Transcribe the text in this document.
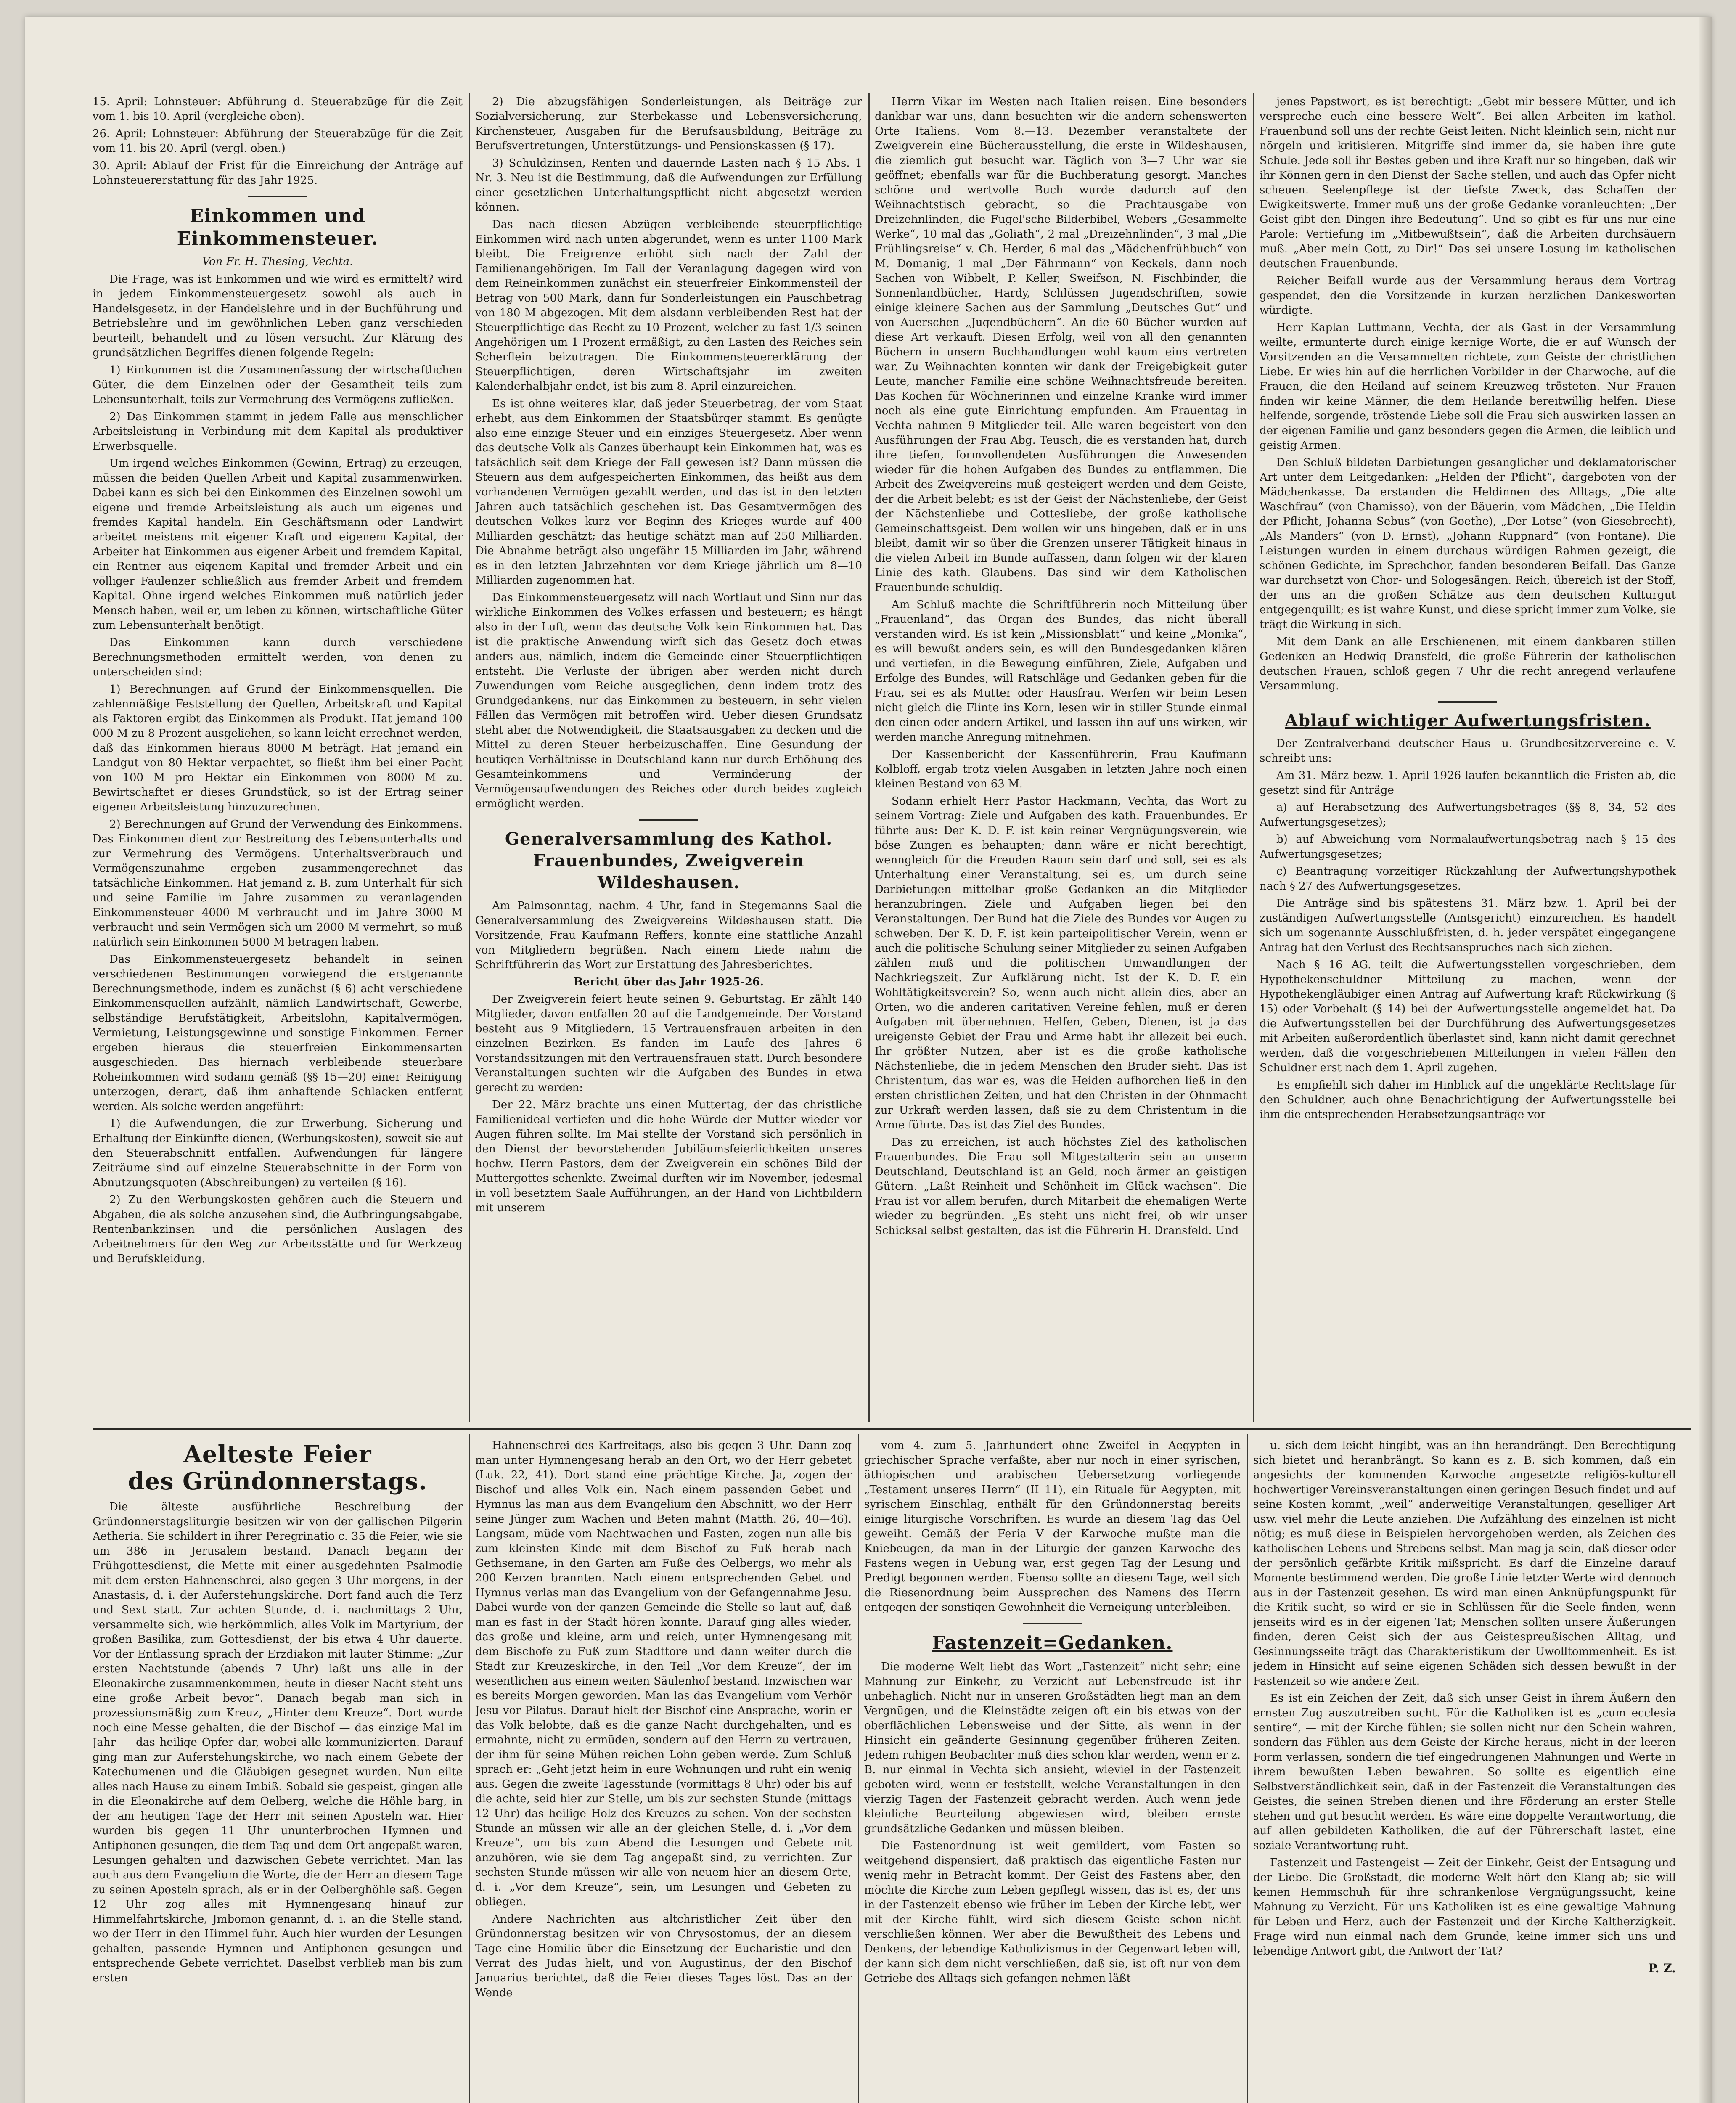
15. April: Lohnsteuer: Abführung d. Steuerabzüge für die Zeit vom 1. bis 10. April (vergleiche oben).

26. April: Lohnsteuer: Abführung der Steuerabzüge für die Zeit vom 11. bis 20. April (vergl. oben.)

30. April: Ablauf der Frist für die Einreichung der Anträge auf Lohnsteuererstattung für das Jahr 1925.

Einkommen und Einkommensteuer.
Von Fr. H. Thesing, Vechta.

Die Frage, was ist Einkommen und wie wird es ermittelt? wird in jedem Einkommensteuergesetz sowohl als auch in Handelsgesetz, in der Handelslehre und in der Buchführung und Betriebslehre und im gewöhnlichen Leben ganz verschieden beurteilt, behandelt und zu lösen versucht. Zur Klärung des grundsätzlichen Begriffes dienen folgende Regeln:

1) Einkommen ist die Zusammenfassung der wirtschaftlichen Güter, die dem Einzelnen oder der Gesamtheit teils zum Lebensunterhalt, teils zur Vermehrung des Vermögens zufließen.

2) Das Einkommen stammt in jedem Falle aus menschlicher Arbeitsleistung in Verbindung mit dem Kapital als produktiver Erwerbsquelle.

Um irgend welches Einkommen (Gewinn, Ertrag) zu erzeugen, müssen die beiden Quellen Arbeit und Kapital zusammenwirken. Dabei kann es sich bei den Einkommen des Einzelnen sowohl um eigene und fremde Arbeitsleistung als auch um eigenes und fremdes Kapital handeln. Ein Geschäftsmann oder Landwirt arbeitet meistens mit eigener Kraft und eigenem Kapital, der Arbeiter hat Einkommen aus eigener Arbeit und fremdem Kapital, ein Rentner aus eigenem Kapital und fremder Arbeit und ein völliger Faulenzer schließlich aus fremder Arbeit und fremdem Kapital. Ohne irgend welches Einkommen muß natürlich jeder Mensch haben, weil er, um leben zu können, wirtschaftliche Güter zum Lebensunterhalt benötigt.

Das Einkommen kann durch verschiedene Berechnungsmethoden ermittelt werden, von denen zu unterscheiden sind:

1) Berechnungen auf Grund der Einkommensquellen. Die zahlenmäßige Feststellung der Quellen, Arbeitskraft und Kapital als Faktoren ergibt das Einkommen als Produkt. Hat jemand 100 000 M zu 8 Prozent ausgeliehen, so kann leicht errechnet werden, daß das Einkommen hieraus 8000 M beträgt. Hat jemand ein Landgut von 80 Hektar verpachtet, so fließt ihm bei einer Pacht von 100 M pro Hektar ein Einkommen von 8000 M zu. Bewirtschaftet er dieses Grundstück, so ist der Ertrag seiner eigenen Arbeitsleistung hinzuzurechnen.

2) Berechnungen auf Grund der Verwendung des Einkommens. Das Einkommen dient zur Bestreitung des Lebensunterhalts und zur Vermehrung des Vermögens. Unterhaltsverbrauch und Vermögenszunahme ergeben zusammengerechnet das tatsächliche Einkommen. Hat jemand z. B. zum Unterhalt für sich und seine Familie im Jahre zusammen zu veranlagenden Einkommensteuer 4000 M verbraucht und im Jahre 3000 M verbraucht und sein Vermögen sich um 2000 M vermehrt, so muß natürlich sein Einkommen 5000 M betragen haben.

Das Einkommensteuergesetz behandelt in seinen verschiedenen Bestimmungen vorwiegend die erstgenannte Berechnungsmethode, indem es zunächst (§ 6) acht verschiedene Einkommensquellen aufzählt, nämlich Landwirtschaft, Gewerbe, selbständige Berufstätigkeit, Arbeitslohn, Kapitalvermögen, Vermietung, Leistungsgewinne und sonstige Einkommen. Ferner ergeben hieraus die steuerfreien Einkommensarten ausgeschieden. Das hiernach verbleibende steuerbare Roheinkommen wird sodann gemäß (§§ 15—20) einer Reinigung unterzogen, derart, daß ihm anhaftende Schlacken entfernt werden. Als solche werden angeführt:

1) die Aufwendungen, die zur Erwerbung, Sicherung und Erhaltung der Einkünfte dienen, (Werbungskosten), soweit sie auf den Steuerabschnitt entfallen. Aufwendungen für längere Zeiträume sind auf einzelne Steuerabschnitte in der Form von Abnutzungsquoten (Abschreibungen) zu verteilen (§ 16).

2) Zu den Werbungskosten gehören auch die Steuern und Abgaben, die als solche anzusehen sind, die Aufbringungsabgabe, Rentenbankzinsen und die persönlichen Auslagen des Arbeitnehmers für den Weg zur Arbeitsstätte und für Werkzeug und Berufskleidung.

2) Die abzugsfähigen Sonderleistungen, als Beiträge zur Sozialversicherung, zur Sterbekasse und Lebensversicherung, Kirchensteuer, Ausgaben für die Berufsausbildung, Beiträge zu Berufsvertretungen, Unterstützungs- und Pensionskassen (§ 17).

3) Schuldzinsen, Renten und dauernde Lasten nach § 15 Abs. 1 Nr. 3. Neu ist die Bestimmung, daß die Aufwendungen zur Erfüllung einer gesetzlichen Unterhaltungspflicht nicht abgesetzt werden können.

Das nach diesen Abzügen verbleibende steuerpflichtige Einkommen wird nach unten abgerundet, wenn es unter 1100 Mark bleibt. Die Freigrenze erhöht sich nach der Zahl der Familienangehörigen. Im Fall der Veranlagung dagegen wird von dem Reineinkommen zunächst ein steuerfreier Einkommensteil der Betrag von 500 Mark, dann für Sonderleistungen ein Pauschbetrag von 180 M abgezogen. Mit dem alsdann verbleibenden Rest hat der Steuerpflichtige das Recht zu 10 Prozent, welcher zu fast 1/3 seinen Angehörigen um 1 Prozent ermäßigt, zu den Lasten des Reiches sein Scherflein beizutragen. Die Einkommensteuererklärung der Steuerpflichtigen, deren Wirtschaftsjahr im zweiten Kalenderhalbjahr endet, ist bis zum 8. April einzureichen.

Es ist ohne weiteres klar, daß jeder Steuerbetrag, der vom Staat erhebt, aus dem Einkommen der Staatsbürger stammt. Es genügte also eine einzige Steuer und ein einziges Steuergesetz. Aber wenn das deutsche Volk als Ganzes überhaupt kein Einkommen hat, was es tatsächlich seit dem Kriege der Fall gewesen ist? Dann müssen die Steuern aus dem aufgespeicherten Einkommen, das heißt aus dem vorhandenen Vermögen gezahlt werden, und das ist in den letzten Jahren auch tatsächlich geschehen ist. Das Gesamtvermögen des deutschen Volkes kurz vor Beginn des Krieges wurde auf 400 Milliarden geschätzt; das heutige schätzt man auf 250 Milliarden. Die Abnahme beträgt also ungefähr 15 Milliarden im Jahr, während es in den letzten Jahrzehnten vor dem Kriege jährlich um 8—10 Milliarden zugenommen hat.

Das Einkommensteuergesetz will nach Wortlaut und Sinn nur das wirkliche Einkommen des Volkes erfassen und besteuern; es hängt also in der Luft, wenn das deutsche Volk kein Einkommen hat. Das ist die praktische Anwendung wirft sich das Gesetz doch etwas anders aus, nämlich, indem die Gemeinde einer Steuerpflichtigen entsteht. Die Verluste der übrigen aber werden nicht durch Zuwendungen vom Reiche ausgeglichen, denn indem trotz des Grundgedankens, nur das Einkommen zu besteuern, in sehr vielen Fällen das Vermögen mit betroffen wird. Ueber diesen Grundsatz steht aber die Notwendigkeit, die Staatsausgaben zu decken und die Mittel zu deren Steuer herbeizuschaffen. Eine Gesundung der heutigen Verhältnisse in Deutschland kann nur durch Erhöhung des Gesamteinkommens und Verminderung der Vermögensaufwendungen des Reiches oder durch beides zugleich ermöglicht werden.

Generalversammlung des Kathol. Frauenbundes, Zweigverein Wildeshausen.

Am Palmsonntag, nachm. 4 Uhr, fand in Stegemanns Saal die Generalversammlung des Zweigvereins Wildeshausen statt. Die Vorsitzende, Frau Kaufmann Reffers, konnte eine stattliche Anzahl von Mitgliedern begrüßen. Nach einem Liede nahm die Schriftführerin das Wort zur Erstattung des Jahresberichtes.

Bericht über das Jahr 1925-26.

Der Zweigverein feiert heute seinen 9. Geburtstag. Er zählt 140 Mitglieder, davon entfallen 20 auf die Landgemeinde. Der Vorstand besteht aus 9 Mitgliedern, 15 Vertrauensfrauen arbeiten in den einzelnen Bezirken. Es fanden im Laufe des Jahres 6 Vorstandssitzungen mit den Vertrauensfrauen statt. Durch besondere Veranstaltungen suchten wir die Aufgaben des Bundes in etwa gerecht zu werden:

Der 22. März brachte uns einen Muttertag, der das christliche Familienideal vertiefen und die hohe Würde der Mutter wieder vor Augen führen sollte. Im Mai stellte der Vorstand sich persönlich in den Dienst der bevorstehenden Jubiläumsfeierlichkeiten unseres hochw. Herrn Pastors, dem der Zweigverein ein schönes Bild der Muttergottes schenkte. Zweimal durften wir im November, jedesmal in voll besetztem Saale Aufführungen, an der Hand von Lichtbildern mit unserem

Herrn Vikar im Westen nach Italien reisen. Eine besonders dankbar war uns, dann besuchten wir die andern sehenswerten Orte Italiens. Vom 8.—13. Dezember veranstaltete der Zweigverein eine Bücherausstellung, die erste in Wildeshausen, die ziemlich gut besucht war. Täglich von 3—7 Uhr war sie geöffnet; ebenfalls war für die Buchberatung gesorgt. Manches schöne und wertvolle Buch wurde dadurch auf den Weihnachtstisch gebracht, so die Prachtausgabe von Dreizehnlinden, die Fugel'sche Bilderbibel, Webers „Gesammelte Werke“, 10 mal das „Goliath“, 2 mal „Dreizehnlinden“, 3 mal „Die Frühlingsreise“ v. Ch. Herder, 6 mal das „Mädchenfrühbuch“ von M. Domanig, 1 mal „Der Fährmann“ von Keckels, dann noch Sachen von Wibbelt, P. Keller, Sweifson, N. Fischbinder, die Sonnenlandbücher, Hardy, Schlüssen Jugendschriften, sowie einige kleinere Sachen aus der Sammlung „Deutsches Gut“ und von Auerschen „Jugendbüchern“. An die 60 Bücher wurden auf diese Art verkauft. Diesen Erfolg, weil von all den genannten Büchern in unsern Buchhandlungen wohl kaum eins vertreten war. Zu Weihnachten konnten wir dank der Freigebigkeit guter Leute, mancher Familie eine schöne Weihnachtsfreude bereiten. Das Kochen für Wöchnerinnen und einzelne Kranke wird immer noch als eine gute Einrichtung empfunden. Am Frauentag in Vechta nahmen 9 Mitglieder teil. Alle waren begeistert von den Ausführungen der Frau Abg. Teusch, die es verstanden hat, durch ihre tiefen, formvollendeten Ausführungen die Anwesenden wieder für die hohen Aufgaben des Bundes zu entflammen. Die Arbeit des Zweigvereins muß gesteigert werden und dem Geiste, der die Arbeit belebt; es ist der Geist der Nächstenliebe, der Geist der Nächstenliebe und Gottesliebe, der große katholische Gemeinschaftsgeist. Dem wollen wir uns hingeben, daß er in uns bleibt, damit wir so über die Grenzen unserer Tätigkeit hinaus in die vielen Arbeit im Bunde auffassen, dann folgen wir der klaren Linie des kath. Glaubens. Das sind wir dem Katholischen Frauenbunde schuldig.

Am Schluß machte die Schriftführerin noch Mitteilung über „Frauenland“, das Organ des Bundes, das nicht überall verstanden wird. Es ist kein „Missionsblatt“ und keine „Monika“, es will bewußt anders sein, es will den Bundesgedanken klären und vertiefen, in die Bewegung einführen, Ziele, Aufgaben und Erfolge des Bundes, will Ratschläge und Gedanken geben für die Frau, sei es als Mutter oder Hausfrau. Werfen wir beim Lesen nicht gleich die Flinte ins Korn, lesen wir in stiller Stunde einmal den einen oder andern Artikel, und lassen ihn auf uns wirken, wir werden manche Anregung mitnehmen.

Der Kassenbericht der Kassenführerin, Frau Kaufmann Kolbloff, ergab trotz vielen Ausgaben in letzten Jahre noch einen kleinen Bestand von 63 M.

Sodann erhielt Herr Pastor Hackmann, Vechta, das Wort zu seinem Vortrag: Ziele und Aufgaben des kath. Frauenbundes. Er führte aus: Der K. D. F. ist kein reiner Vergnügungsverein, wie böse Zungen es behaupten; dann wäre er nicht berechtigt, wenngleich für die Freuden Raum sein darf und soll, sei es als Unterhaltung einer Veranstaltung, sei es, um durch seine Darbietungen mittelbar große Gedanken an die Mitglieder heranzubringen. Ziele und Aufgaben liegen bei den Veranstaltungen. Der Bund hat die Ziele des Bundes vor Augen zu schweben. Der K. D. F. ist kein parteipolitischer Verein, wenn er auch die politische Schulung seiner Mitglieder zu seinen Aufgaben zählen muß und die politischen Umwandlungen der Nachkriegszeit. Zur Aufklärung nicht. Ist der K. D. F. ein Wohltätigkeitsverein? So, wenn auch nicht allein dies, aber an Orten, wo die anderen caritativen Vereine fehlen, muß er deren Aufgaben mit übernehmen. Helfen, Geben, Dienen, ist ja das ureigenste Gebiet der Frau und Arme habt ihr allezeit bei euch. Ihr größter Nutzen, aber ist es die große katholische Nächstenliebe, die in jedem Menschen den Bruder sieht. Das ist Christentum, das war es, was die Heiden aufhorchen ließ in den ersten christlichen Zeiten, und hat den Christen in der Ohnmacht zur Urkraft werden lassen, daß sie zu dem Christentum in die Arme führte. Das ist das Ziel des Bundes.

Das zu erreichen, ist auch höchstes Ziel des katholischen Frauenbundes. Die Frau soll Mitgestalterin sein an unserm Deutschland, Deutschland ist an Geld, noch ärmer an geistigen Gütern. „Laßt Reinheit und Schönheit im Glück wachsen“. Die Frau ist vor allem berufen, durch Mitarbeit die ehemaligen Werte wieder zu begründen. „Es steht uns nicht frei, ob wir unser Schicksal selbst gestalten, das ist die Führerin H. Dransfeld. Und

jenes Papstwort, es ist berechtigt: „Gebt mir bessere Mütter, und ich verspreche euch eine bessere Welt“. Bei allen Arbeiten im kathol. Frauenbund soll uns der rechte Geist leiten. Nicht kleinlich sein, nicht nur nörgeln und kritisieren. Mitgriffe sind immer da, sie haben ihre gute Schule. Jede soll ihr Bestes geben und ihre Kraft nur so hingeben, daß wir ihr Können gern in den Dienst der Sache stellen, und auch das Opfer nicht scheuen. Seelenpflege ist der tiefste Zweck, das Schaffen der Ewigkeitswerte. Immer muß uns der große Gedanke voranleuchten: „Der Geist gibt den Dingen ihre Bedeutung“. Und so gibt es für uns nur eine Parole: Vertiefung im „Mitbewußtsein“, daß die Arbeiten durchsäuern muß. „Aber mein Gott, zu Dir!“ Das sei unsere Losung im katholischen deutschen Frauenbunde.

Reicher Beifall wurde aus der Versammlung heraus dem Vortrag gespendet, den die Vorsitzende in kurzen herzlichen Dankesworten würdigte.

Herr Kaplan Luttmann, Vechta, der als Gast in der Versammlung weilte, ermunterte durch einige kernige Worte, die er auf Wunsch der Vorsitzenden an die Versammelten richtete, zum Geiste der christlichen Liebe. Er wies hin auf die herrlichen Vorbilder in der Charwoche, auf die Frauen, die den Heiland auf seinem Kreuzweg trösteten. Nur Frauen finden wir keine Männer, die dem Heilande bereitwillig helfen. Diese helfende, sorgende, tröstende Liebe soll die Frau sich auswirken lassen an der eigenen Familie und ganz besonders gegen die Armen, die leiblich und geistig Armen.

Den Schluß bildeten Darbietungen gesanglicher und deklamatorischer Art unter dem Leitgedanken: „Helden der Pflicht“, dargeboten von der Mädchenkasse. Da erstanden die Heldinnen des Alltags, „Die alte Waschfrau“ (von Chamisso), von der Bäuerin, vom Mädchen, „Die Heldin der Pflicht, Johanna Sebus“ (von Goethe), „Der Lotse“ (von Giesebrecht), „Als Manders“ (von D. Ernst), „Johann Ruppnard“ (von Fontane). Die Leistungen wurden in einem durchaus würdigen Rahmen gezeigt, die schönen Gedichte, im Sprechchor, fanden besonderen Beifall. Das Ganze war durchsetzt von Chor- und Sologesängen. Reich, übereich ist der Stoff, der uns an die großen Schätze aus dem deutschen Kulturgut entgegenquillt; es ist wahre Kunst, und diese spricht immer zum Volke, sie trägt die Wirkung in sich.

Mit dem Dank an alle Erschienenen, mit einem dankbaren stillen Gedenken an Hedwig Dransfeld, die große Führerin der katholischen deutschen Frauen, schloß gegen 7 Uhr die recht anregend verlaufene Versammlung.

Ablauf wichtiger Aufwertungsfristen.

Der Zentralverband deutscher Haus- u. Grundbesitzervereine e. V. schreibt uns:

Am 31. März bezw. 1. April 1926 laufen bekanntlich die Fristen ab, die gesetzt sind für Anträge

a) auf Herabsetzung des Aufwertungsbetrages (§§ 8, 34, 52 des Aufwertungsgesetzes);

b) auf Abweichung vom Normalaufwertungsbetrag nach § 15 des Aufwertungsgesetzes;

c) Beantragung vorzeitiger Rückzahlung der Aufwertungshypothek nach § 27 des Aufwertungsgesetzes.

Die Anträge sind bis spätestens 31. März bzw. 1. April bei der zuständigen Aufwertungsstelle (Amtsgericht) einzureichen. Es handelt sich um sogenannte Ausschlußfristen, d. h. jeder verspätet eingegangene Antrag hat den Verlust des Rechtsanspruches nach sich ziehen.

Nach § 16 AG. teilt die Aufwertungsstellen vorgeschrieben, dem Hypothekenschuldner Mitteilung zu machen, wenn der Hypothekengläubiger einen Antrag auf Aufwertung kraft Rückwirkung (§ 15) oder Vorbehalt (§ 14) bei der Aufwertungsstelle angemeldet hat. Da die Aufwertungsstellen bei der Durchführung des Aufwertungsgesetzes mit Arbeiten außerordentlich überlastet sind, kann nicht damit gerechnet werden, daß die vorgeschriebenen Mitteilungen in vielen Fällen den Schuldner erst nach dem 1. April zugehen.

Es empfiehlt sich daher im Hinblick auf die ungeklärte Rechtslage für den Schuldner, auch ohne Benachrichtigung der Aufwertungsstelle bei ihm die entsprechenden Herabsetzungsanträge vor

Aelteste Feier
des Gründonnerstags.

Die älteste ausführliche Beschreibung der Gründonnerstagsliturgie besitzen wir von der gallischen Pilgerin Aetheria. Sie schildert in ihrer Peregrinatio c. 35 die Feier, wie sie um 386 in Jerusalem bestand. Danach begann der Frühgottesdienst, die Mette mit einer ausgedehnten Psalmodie mit dem ersten Hahnenschrei, also gegen 3 Uhr morgens, in der Anastasis, d. i. der Auferstehungskirche. Dort fand auch die Terz und Sext statt. Zur achten Stunde, d. i. nachmittags 2 Uhr, versammelte sich, wie herkömmlich, alles Volk im Martyrium, der großen Basilika, zum Gottesdienst, der bis etwa 4 Uhr dauerte. Vor der Entlassung sprach der Erzdiakon mit lauter Stimme: „Zur ersten Nachtstunde (abends 7 Uhr) laßt uns alle in der Eleonakirche zusammenkommen, heute in dieser Nacht steht uns eine große Arbeit bevor“. Danach begab man sich in prozessionsmäßig zum Kreuz, „Hinter dem Kreuze“. Dort wurde noch eine Messe gehalten, die der Bischof — das einzige Mal im Jahr — das heilige Opfer dar, wobei alle kommunizierten. Darauf ging man zur Auferstehungskirche, wo nach einem Gebete der Katechumenen und die Gläubigen gesegnet wurden. Nun eilte alles nach Hause zu einem Imbiß. Sobald sie gespeist, gingen alle in die Eleonakirche auf dem Oelberg, welche die Höhle barg, in der am heutigen Tage der Herr mit seinen Aposteln war. Hier wurden bis gegen 11 Uhr ununterbrochen Hymnen und Antiphonen gesungen, die dem Tag und dem Ort angepaßt waren, Lesungen gehalten und dazwischen Gebete verrichtet. Man las auch aus dem Evangelium die Worte, die der Herr an diesem Tage zu seinen Aposteln sprach, als er in der Oelberghöhle saß. Gegen 12 Uhr zog alles mit Hymnengesang hinauf zur Himmelfahrtskirche, Jmbomon genannt, d. i. an die Stelle stand, wo der Herr in den Himmel fuhr. Auch hier wurden der Lesungen gehalten, passende Hymnen und Antiphonen gesungen und entsprechende Gebete verrichtet. Daselbst verblieb man bis zum ersten

Hahnenschrei des Karfreitags, also bis gegen 3 Uhr. Dann zog man unter Hymnengesang herab an den Ort, wo der Herr gebetet (Luk. 22, 41). Dort stand eine prächtige Kirche. Ja, zogen der Bischof und alles Volk ein. Nach einem passenden Gebet und Hymnus las man aus dem Evangelium den Abschnitt, wo der Herr seine Jünger zum Wachen und Beten mahnt (Matth. 26, 40—46). Langsam, müde vom Nachtwachen und Fasten, zogen nun alle bis zum kleinsten Kinde mit dem Bischof zu Fuß herab nach Gethsemane, in den Garten am Fuße des Oelbergs, wo mehr als 200 Kerzen brannten. Nach einem entsprechenden Gebet und Hymnus verlas man das Evangelium von der Gefangennahme Jesu. Dabei wurde von der ganzen Gemeinde die Stelle so laut auf, daß man es fast in der Stadt hören konnte. Darauf ging alles wieder, das große und kleine, arm und reich, unter Hymnengesang mit dem Bischofe zu Fuß zum Stadttore und dann weiter durch die Stadt zur Kreuzeskirche, in den Teil „Vor dem Kreuze“, der im wesentlichen aus einem weiten Säulenhof bestand. Inzwischen war es bereits Morgen geworden. Man las das Evangelium vom Verhör Jesu vor Pilatus. Darauf hielt der Bischof eine Ansprache, worin er das Volk belobte, daß es die ganze Nacht durchgehalten, und es ermahnte, nicht zu ermüden, sondern auf den Herrn zu vertrauen, der ihm für seine Mühen reichen Lohn geben werde. Zum Schluß sprach er: „Geht jetzt heim in eure Wohnungen und ruht ein wenig aus. Gegen die zweite Tagesstunde (vormittags 8 Uhr) oder bis auf die achte, seid hier zur Stelle, um bis zur sechsten Stunde (mittags 12 Uhr) das heilige Holz des Kreuzes zu sehen. Von der sechsten Stunde an müssen wir alle an der gleichen Stelle, d. i. „Vor dem Kreuze“, um bis zum Abend die Lesungen und Gebete mit anzuhören, wie sie dem Tag angepaßt sind, zu verrichten. Zur sechsten Stunde müssen wir alle von neuem hier an diesem Orte, d. i. „Vor dem Kreuze“, sein, um Lesungen und Gebeten zu obliegen.

Andere Nachrichten aus altchristlicher Zeit über den Gründonnerstag besitzen wir von Chrysostomus, der an diesem Tage eine Homilie über die Einsetzung der Eucharistie und den Verrat des Judas hielt, und von Augustinus, der den Bischof Januarius berichtet, daß die Feier dieses Tages löst. Das an der Wende

vom 4. zum 5. Jahrhundert ohne Zweifel in Aegypten in griechischer Sprache verfaßte, aber nur noch in einer syrischen, äthiopischen und arabischen Uebersetzung vorliegende „Testament unseres Herrn“ (II 11), ein Rituale für Aegypten, mit syrischem Einschlag, enthält für den Gründonnerstag bereits einige liturgische Vorschriften. Es wurde an diesem Tag das Oel geweiht. Gemäß der Feria V der Karwoche mußte man die Kniebeugen, da man in der Liturgie der ganzen Karwoche des Fastens wegen in Uebung war, erst gegen Tag der Lesung und Predigt begonnen werden. Ebenso sollte an diesem Tage, weil sich die Riesenordnung beim Aussprechen des Namens des Herrn entgegen der sonstigen Gewohnheit die Verneigung unterbleiben.

Fastenzeit=Gedanken.

Die moderne Welt liebt das Wort „Fastenzeit“ nicht sehr; eine Mahnung zur Einkehr, zu Verzicht auf Lebensfreude ist ihr unbehaglich. Nicht nur in unseren Großstädten liegt man an dem Vergnügen, und die Kleinstädte zeigen oft ein bis etwas von der oberflächlichen Lebensweise und der Sitte, als wenn in der Hinsicht ein geänderte Gesinnung gegenüber früheren Zeiten. Jedem ruhigen Beobachter muß dies schon klar werden, wenn er z. B. nur einmal in Vechta sich ansieht, wieviel in der Fastenzeit geboten wird, wenn er feststellt, welche Veranstaltungen in den vierzig Tagen der Fastenzeit gebracht werden. Auch wenn jede kleinliche Beurteilung abgewiesen wird, bleiben ernste grundsätzliche Gedanken und müssen bleiben.

Die Fastenordnung ist weit gemildert, vom Fasten so weitgehend dispensiert, daß praktisch das eigentliche Fasten nur wenig mehr in Betracht kommt. Der Geist des Fastens aber, den möchte die Kirche zum Leben gepflegt wissen, das ist es, der uns in der Fastenzeit ebenso wie früher im Leben der Kirche lebt, wer mit der Kirche fühlt, wird sich diesem Geiste schon nicht verschließen können. Wer aber die Bewußtheit des Lebens und Denkens, der lebendige Katholizismus in der Gegenwart leben will, der kann sich dem nicht verschließen, daß sie, ist oft nur von dem Getriebe des Alltags sich gefangen nehmen läßt

u. sich dem leicht hingibt, was an ihn herandrängt. Den Berechtigung sich bietet und heranbrängt. So kann es z. B. sich kommen, daß ein angesichts der kommenden Karwoche angesetzte religiös-kulturell hochwertiger Vereinsveranstaltungen einen geringen Besuch findet und auf seine Kosten kommt, „weil“ anderweitige Veranstaltungen, geselliger Art usw. viel mehr die Leute anziehen. Die Aufzählung des einzelnen ist nicht nötig; es muß diese in Beispielen hervorgehoben werden, als Zeichen des katholischen Lebens und Strebens selbst. Man mag ja sein, daß dieser oder der persönlich gefärbte Kritik mißspricht. Es darf die Einzelne darauf Momente bestimmend werden. Die große Linie letzter Werte wird dennoch aus in der Fastenzeit gesehen. Es wird man einen Anknüpfungspunkt für die Kritik sucht, so wird er sie in Schlüssen für die Seele finden, wenn jenseits wird es in der eigenen Tat; Menschen sollten unsere Äußerungen finden, deren Geist sich der aus Geistespreußischen Alltag, und Gesinnungsseite trägt das Charakteristikum der Uwolltommenheit. Es ist jedem in Hinsicht auf seine eigenen Schäden sich dessen bewußt in der Fastenzeit so wie andere Zeit.

Es ist ein Zeichen der Zeit, daß sich unser Geist in ihrem Äußern den ernsten Zug auszutreiben sucht. Für die Katholiken ist es „cum ecclesia sentire“, — mit der Kirche fühlen; sie sollen nicht nur den Schein wahren, sondern das Fühlen aus dem Geiste der Kirche heraus, nicht in der leeren Form verlassen, sondern die tief eingedrungenen Mahnungen und Werte in ihrem bewußten Leben bewahren. So sollte es eigentlich eine Selbstverständlichkeit sein, daß in der Fastenzeit die Veranstaltungen des Geistes, die seinen Streben dienen und ihre Förderung an erster Stelle stehen und gut besucht werden. Es wäre eine doppelte Verantwortung, die auf allen gebildeten Katholiken, die auf der Führerschaft lastet, eine soziale Verantwortung ruht.

Fastenzeit und Fastengeist — Zeit der Einkehr, Geist der Entsagung und der Liebe. Die Großstadt, die moderne Welt hört den Klang ab; sie will keinen Hemmschuh für ihre schrankenlose Vergnügungssucht, keine Mahnung zu Verzicht. Für uns Katholiken ist es eine gewaltige Mahnung für Leben und Herz, auch der Fastenzeit und der Kirche Kaltherzigkeit. Frage wird nun einmal nach dem Grunde, keine immer sich uns und lebendige Antwort gibt, die Antwort der Tat?

P. Z.
